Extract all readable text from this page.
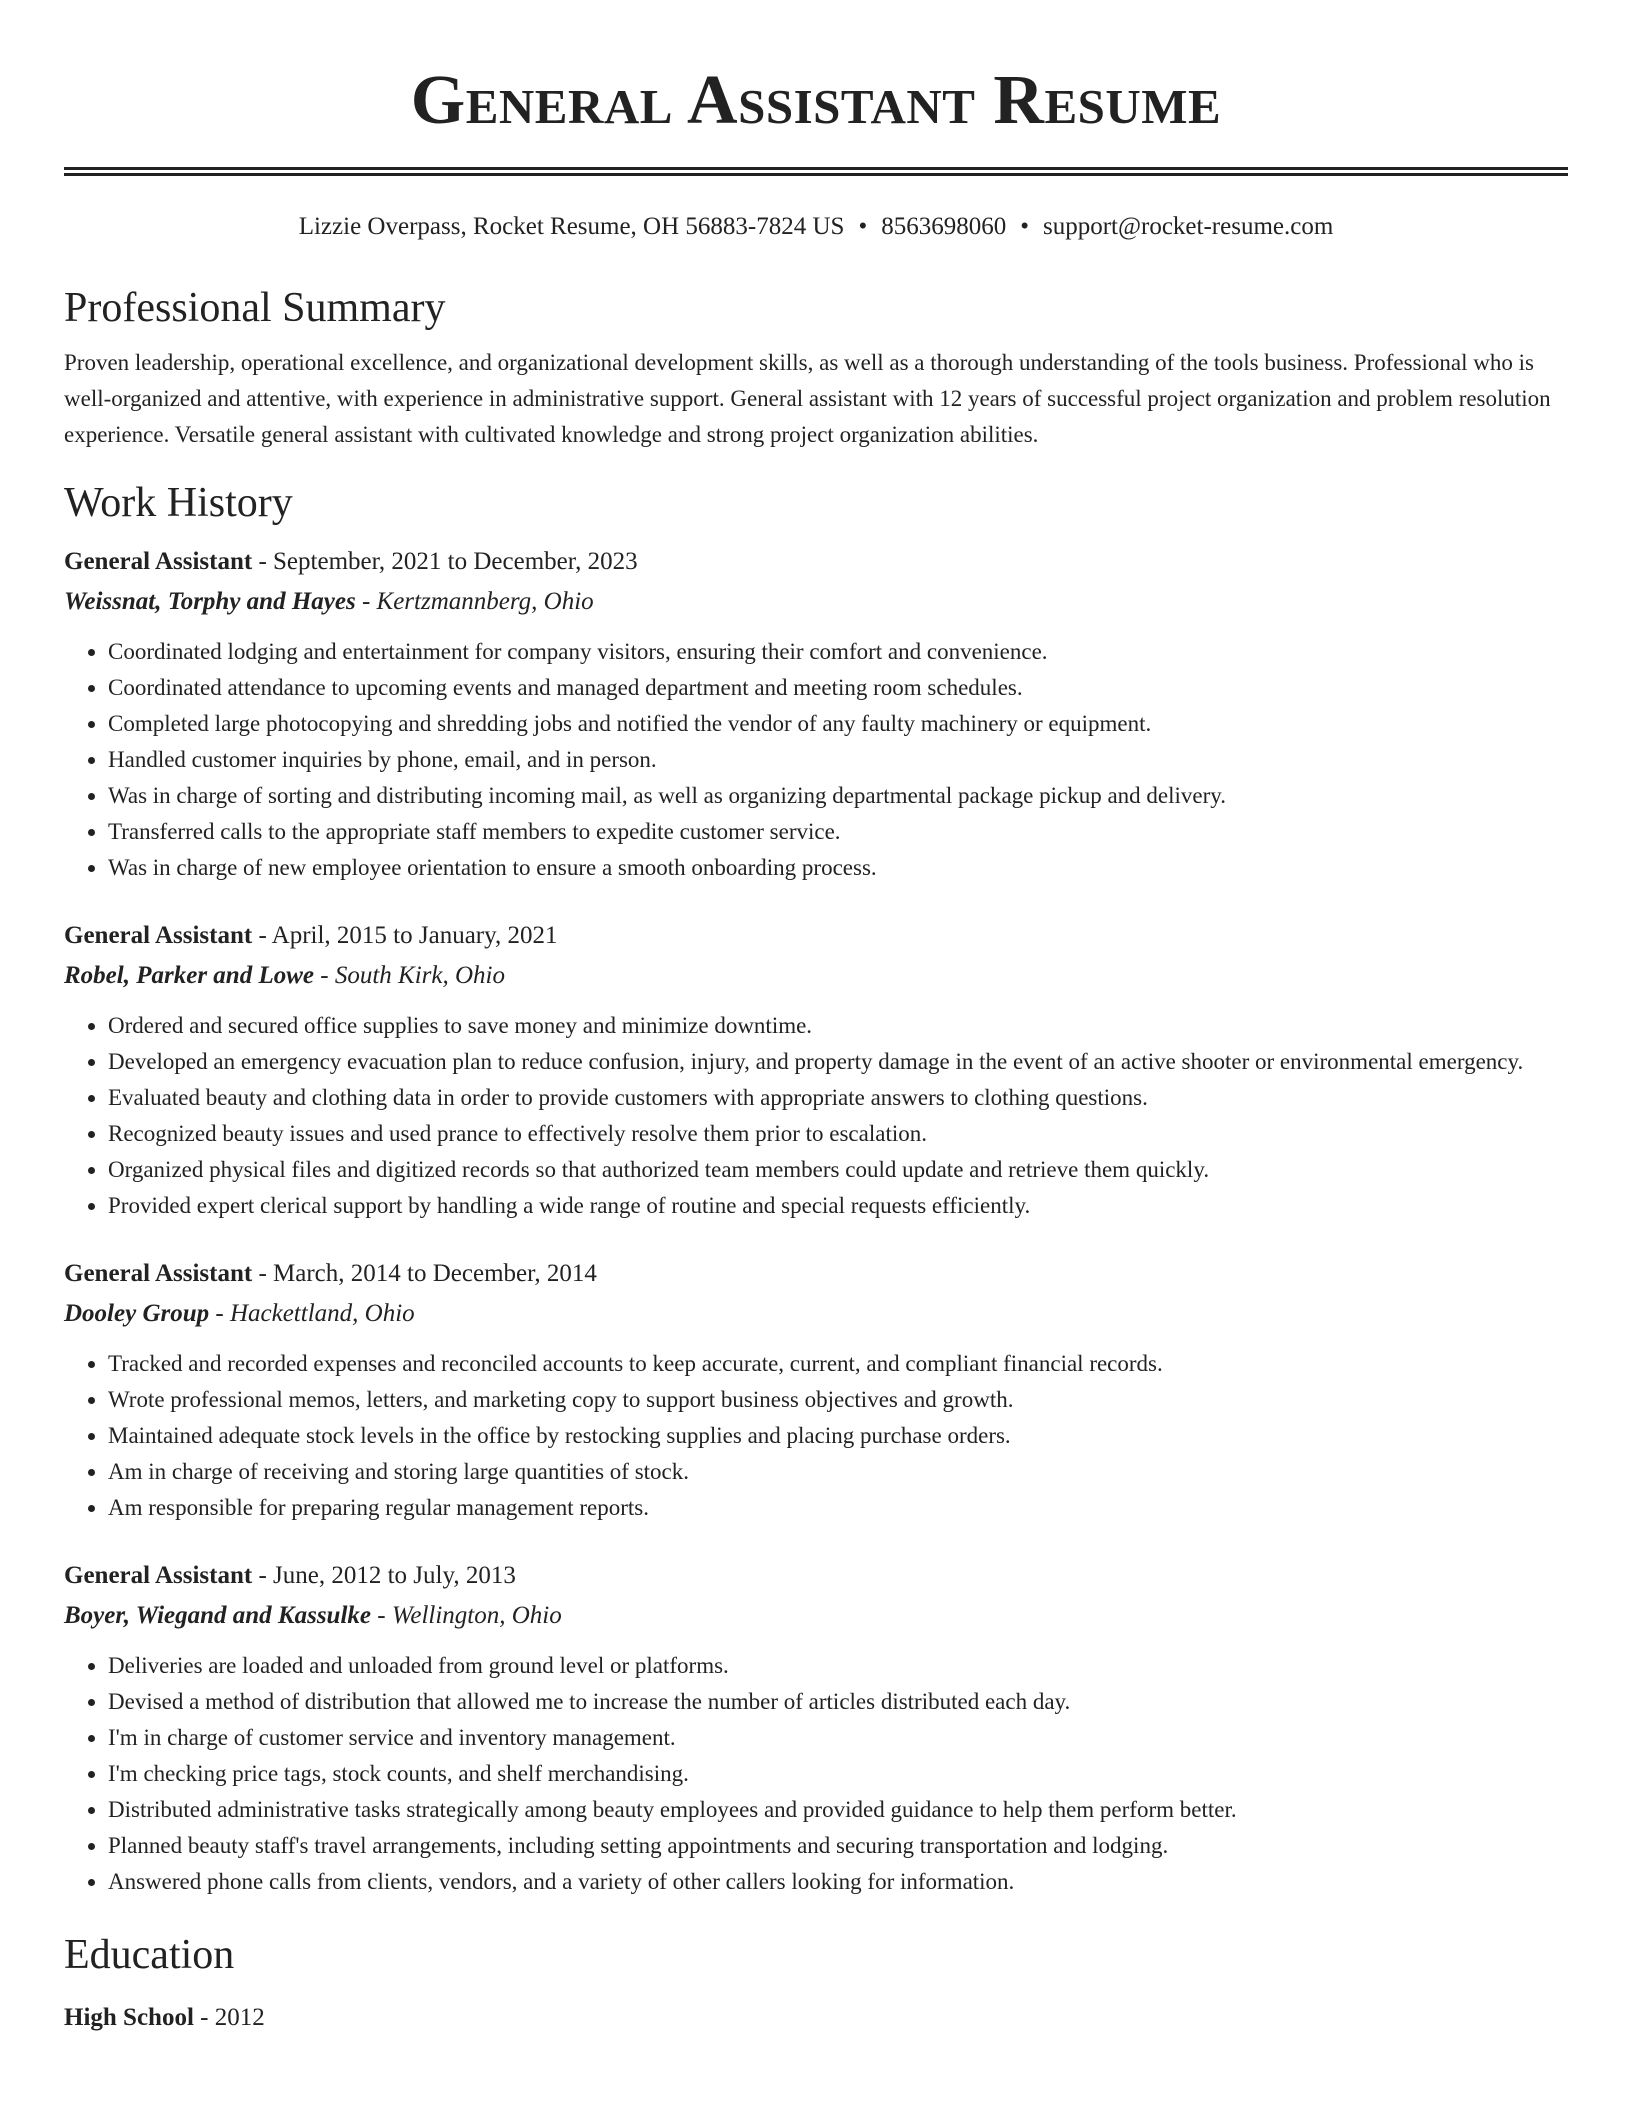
General Assistant Resume
Lizzie Overpass, Rocket Resume, OH 56883-7824 US • 8563698060 • support@rocket-resume.com
Professional Summary
Proven leadership, operational excellence, and organizational development skills, as well as a thorough understanding of the tools business. Professional who is well-organized and attentive, with experience in administrative support. General assistant with 12 years of successful project organization and problem resolution experience. Versatile general assistant with cultivated knowledge and strong project organization abilities.
Work History
General Assistant - September, 2021 to December, 2023
Weissnat, Torphy and Hayes - Kertzmannberg, Ohio
• Coordinated lodging and entertainment for company visitors, ensuring their comfort and convenience.
• Coordinated attendance to upcoming events and managed department and meeting room schedules.
• Completed large photocopying and shredding jobs and notified the vendor of any faulty machinery or equipment.
• Handled customer inquiries by phone, email, and in person.
• Was in charge of sorting and distributing incoming mail, as well as organizing departmental package pickup and delivery.
• Transferred calls to the appropriate staff members to expedite customer service.
• Was in charge of new employee orientation to ensure a smooth onboarding process.
General Assistant - April, 2015 to January, 2021
Robel, Parker and Lowe - South Kirk, Ohio
• Ordered and secured office supplies to save money and minimize downtime.
• Developed an emergency evacuation plan to reduce confusion, injury, and property damage in the event of an active shooter or environmental emergency.
• Evaluated beauty and clothing data in order to provide customers with appropriate answers to clothing questions.
• Recognized beauty issues and used prance to effectively resolve them prior to escalation.
• Organized physical files and digitized records so that authorized team members could update and retrieve them quickly.
• Provided expert clerical support by handling a wide range of routine and special requests efficiently.
General Assistant - March, 2014 to December, 2014
Dooley Group - Hackettland, Ohio
• Tracked and recorded expenses and reconciled accounts to keep accurate, current, and compliant financial records.
• Wrote professional memos, letters, and marketing copy to support business objectives and growth.
• Maintained adequate stock levels in the office by restocking supplies and placing purchase orders.
• Am in charge of receiving and storing large quantities of stock.
• Am responsible for preparing regular management reports.
General Assistant - June, 2012 to July, 2013
Boyer, Wiegand and Kassulke - Wellington, Ohio
• Deliveries are loaded and unloaded from ground level or platforms.
• Devised a method of distribution that allowed me to increase the number of articles distributed each day.
• I'm in charge of customer service and inventory management.
• I'm checking price tags, stock counts, and shelf merchandising.
• Distributed administrative tasks strategically among beauty employees and provided guidance to help them perform better.
• Planned beauty staff's travel arrangements, including setting appointments and securing transportation and lodging.
• Answered phone calls from clients, vendors, and a variety of other callers looking for information.
Education
High School - 2012
